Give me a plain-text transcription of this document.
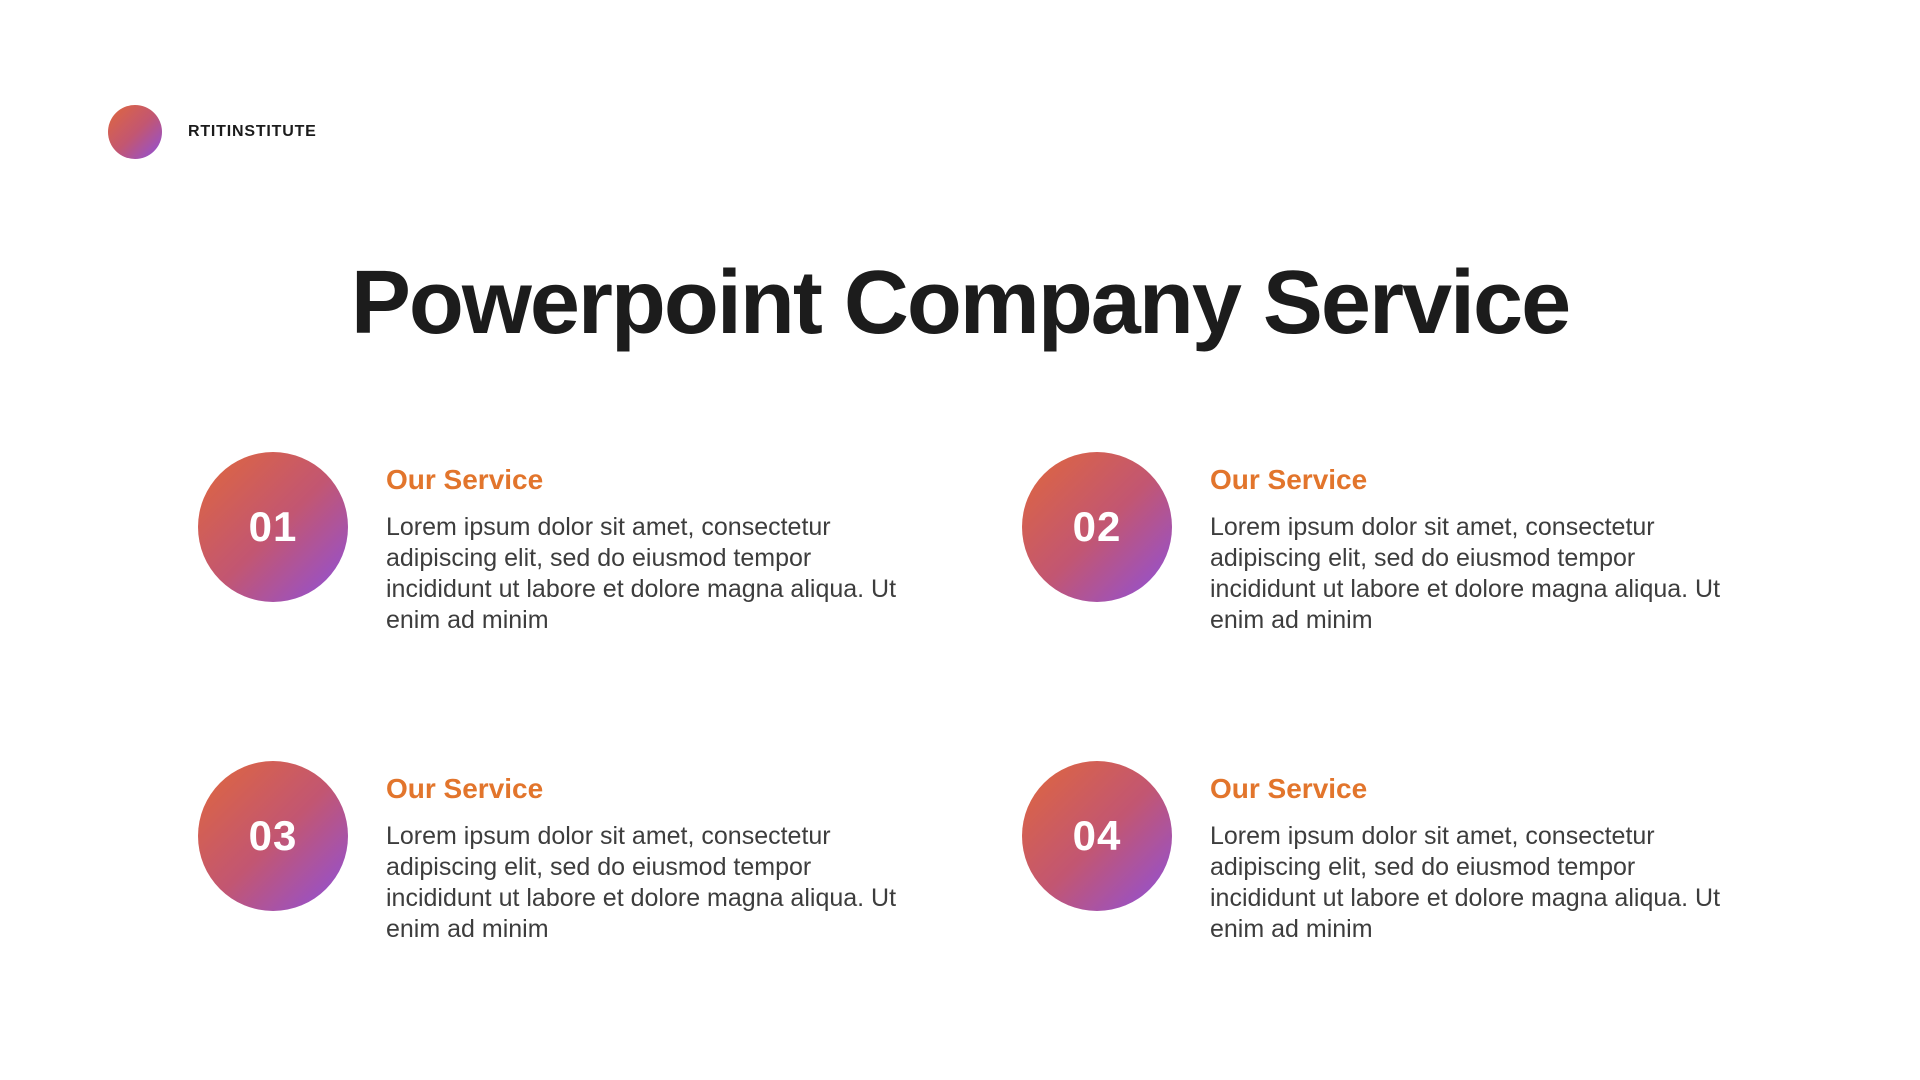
RTITINSTITUTE
Powerpoint Company Service
01
Our Service
Lorem ipsum dolor sit amet, consectetur adipiscing elit, sed do eiusmod tempor incididunt ut labore et dolore magna aliqua. Ut enim ad minim
02
Our Service
Lorem ipsum dolor sit amet, consectetur adipiscing elit, sed do eiusmod tempor incididunt ut labore et dolore magna aliqua. Ut enim ad minim
03
Our Service
Lorem ipsum dolor sit amet, consectetur adipiscing elit, sed do eiusmod tempor incididunt ut labore et dolore magna aliqua. Ut enim ad minim
04
Our Service
Lorem ipsum dolor sit amet, consectetur adipiscing elit, sed do eiusmod tempor incididunt ut labore et dolore magna aliqua. Ut enim ad minim
